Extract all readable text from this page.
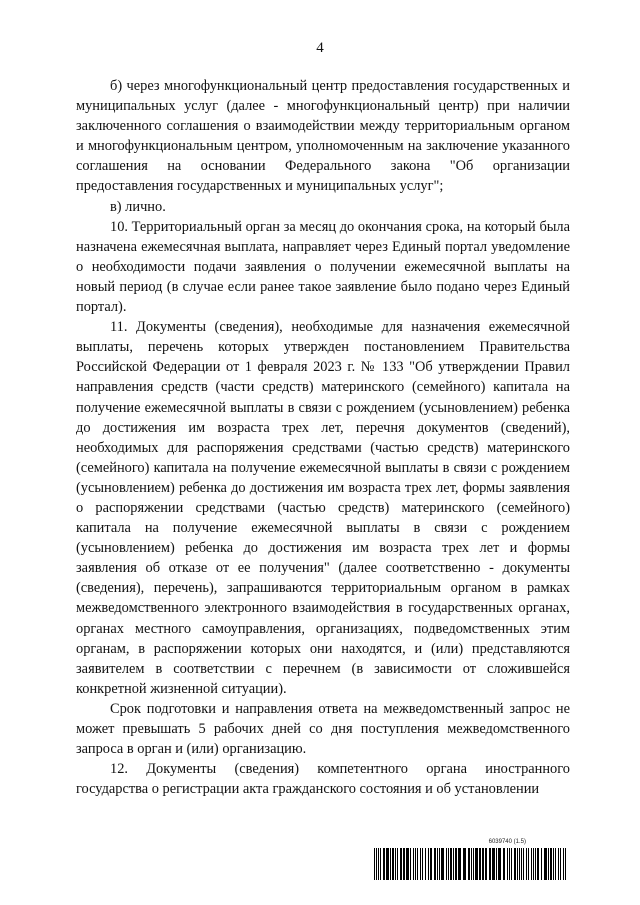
4

б) через многофункциональный центр предоставления государственных и муниципальных услуг (далее - многофункциональный центр) при наличии заключенного соглашения о взаимодействии между территориальным органом и многофункциональным центром, уполномоченным на заключение указанного соглашения на основании Федерального закона "Об организации предоставления государственных и муниципальных услуг";

в) лично.

10. Территориальный орган за месяц до окончания срока, на который была назначена ежемесячная выплата, направляет через Единый портал уведомление о необходимости подачи заявления о получении ежемесячной выплаты на новый период (в случае если ранее такое заявление было подано через Единый портал).

11. Документы (сведения), необходимые для назначения ежемесячной выплаты, перечень которых утвержден постановлением Правительства Российской Федерации от 1 февраля 2023 г. № 133 "Об утверждении Правил направления средств (части средств) материнского (семейного) капитала на получение ежемесячной выплаты в связи с рождением (усыновлением) ребенка до достижения им возраста трех лет, перечня документов (сведений), необходимых для распоряжения средствами (частью средств) материнского (семейного) капитала на получение ежемесячной выплаты в связи с рождением (усыновлением) ребенка до достижения им возраста трех лет, формы заявления о распоряжении средствами (частью средств) материнского (семейного) капитала на получение ежемесячной выплаты в связи с рождением (усыновлением) ребенка до достижения им возраста трех лет и формы заявления об отказе от ее получения" (далее соответственно - документы (сведения), перечень), запрашиваются территориальным органом в рамках межведомственного электронного взаимодействия в государственных органах, органах местного самоуправления, организациях, подведомственных этим органам, в распоряжении которых они находятся, и (или) представляются заявителем в соответствии с перечнем (в зависимости от сложившейся конкретной жизненной ситуации).

Срок подготовки и направления ответа на межведомственный запрос не может превышать 5 рабочих дней со дня поступления межведомственного запроса в орган и (или) организацию.

12. Документы (сведения) компетентного органа иностранного государства о регистрации акта гражданского состояния и об установлении

6039740 (1.5)
